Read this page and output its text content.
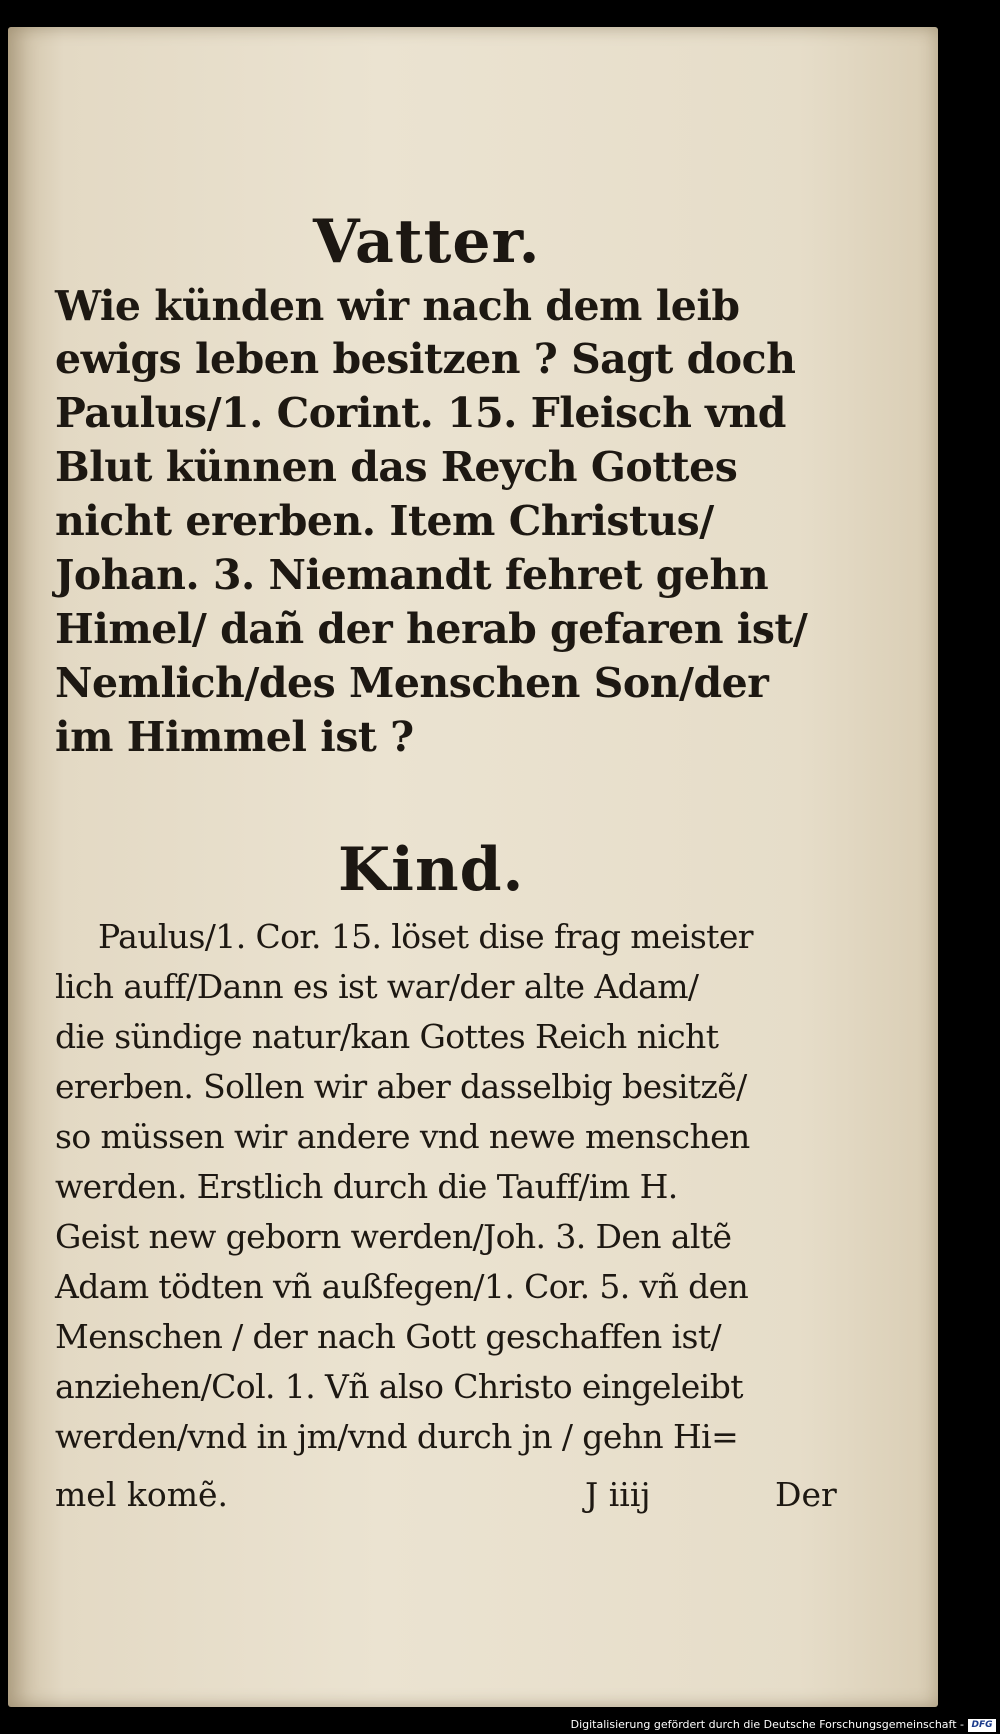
Vatter.
Wie künden wir nach dem leib
ewigs leben besitzen ? Sagt doch
Paulus/1. Corint. 15. Fleisch vnd
Blut künnen das Reych Gottes
nicht ererben. Item Christus/
Johan. 3. Niemandt fehret gehn
Himel/ dañ der herab gefaren ist/
Nemlich/des Menschen Son/der
im Himmel ist ?
Kind.
Paulus/1. Cor. 15. löset dise frag meister
lich auff/Dann es ist war/der alte Adam/
die sündige natur/kan Gottes Reich nicht
ererben. Sollen wir aber dasselbig besitzẽ/
so müssen wir andere vnd newe menschen
werden. Erstlich durch die Tauff/im H.
Geist new geborn werden/Joh. 3. Den altẽ
Adam tödten vñ außfegen/1. Cor. 5. vñ den
Menschen / der nach Gott geschaffen ist/
anziehen/Col. 1. Vñ also Christo eingeleibt
werden/vnd in jm/vnd durch jn / gehn Hi=
mel komẽ.	J iiij	Der
Digitalisierung gefördert durch die Deutsche Forschungsgemeinschaft - DFG
